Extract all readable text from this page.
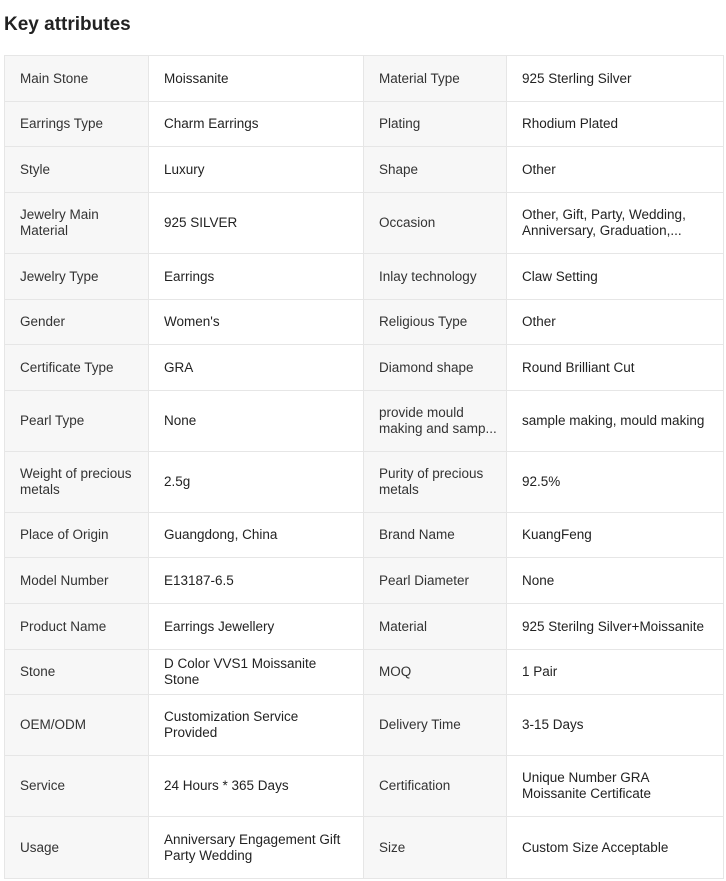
Key attributes
Main Stone	Moissanite	Material Type	925 Sterling Silver

Earrings Type	Charm Earrings	Plating	Rhodium Plated

Style	Luxury	Shape	Other

Jewelry Main Material	925 SILVER	Occasion	Other, Gift, Party, Wedding, Anniversary, Graduation,...

Jewelry Type	Earrings	Inlay technology	Claw Setting

Gender	Women's	Religious Type	Other

Certificate Type	GRA	Diamond shape	Round Brilliant Cut

Pearl Type	None	provide mould making and samp...	sample making, mould making

Weight of precious metals	2.5g	Purity of precious metals	92.5%

Place of Origin	Guangdong, China	Brand Name	KuangFeng

Model Number	E13187-6.5	Pearl Diameter	None

Product Name	Earrings Jewellery	Material	925 Sterilng Silver+Moissanite

Stone	D Color VVS1 Moissanite Stone	MOQ	1 Pair

OEM/ODM	Customization Service Provided	Delivery Time	3-15 Days

Service	24 Hours * 365 Days	Certification	Unique Number GRA Moissanite Certificate

Usage	Anniversary Engagement Gift Party Wedding	Size	Custom Size Acceptable
